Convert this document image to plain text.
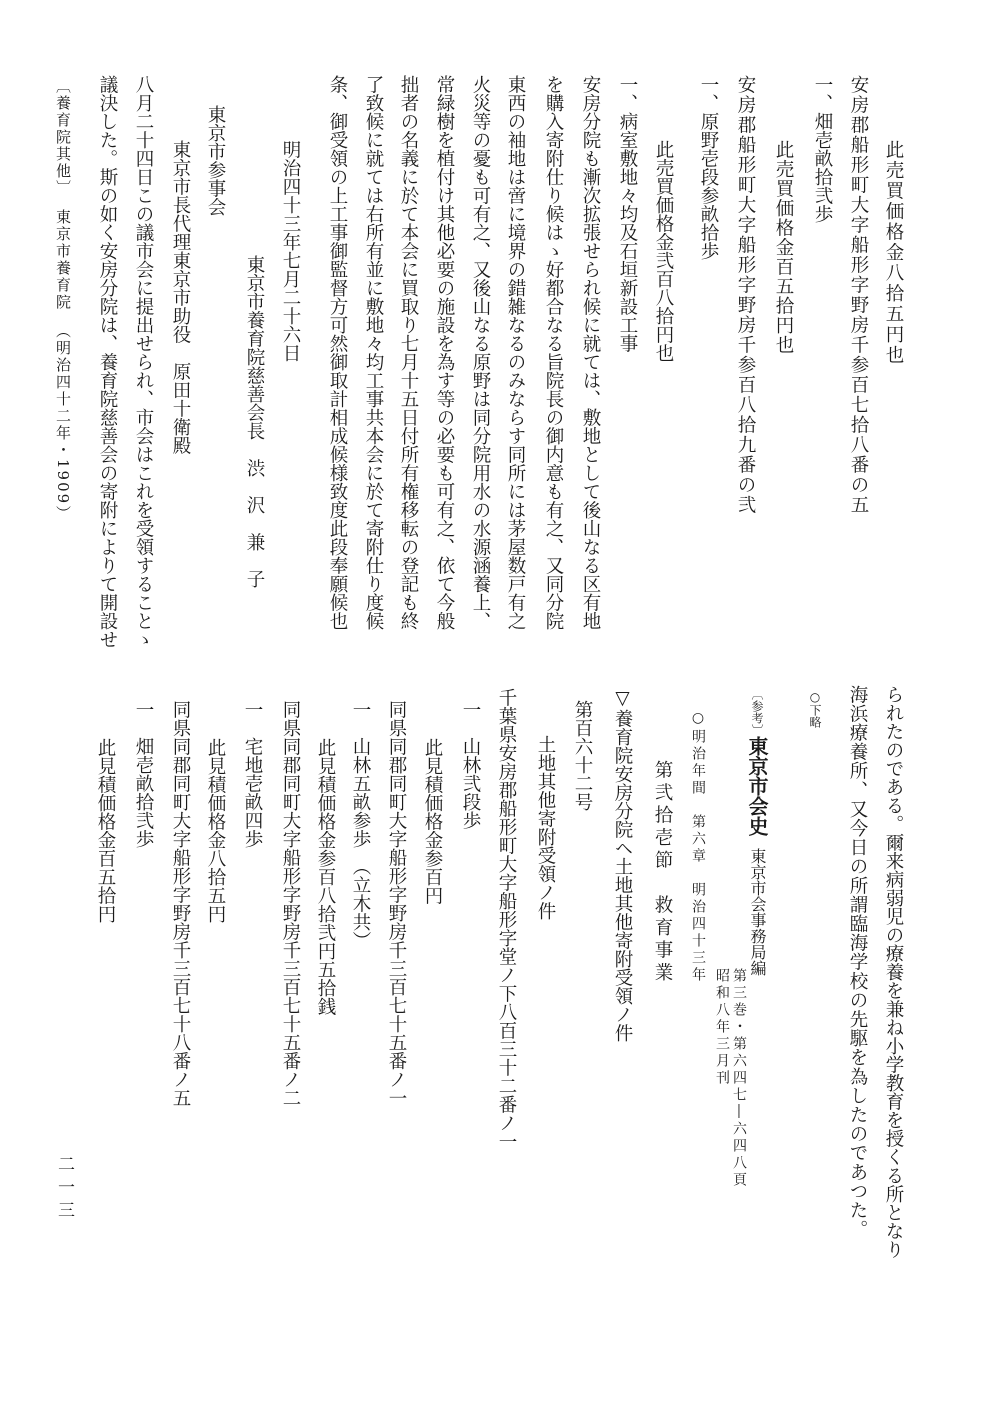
此売買価格金八拾五円也
安房郡船形町大字船形字野房千参百七拾八番の五
一、畑壱畝拾弐歩
此売買価格金百五拾円也
安房郡船形町大字船形字野房千参百八拾九番の弐
一、原野壱段参畝拾歩
此売買価格金弐百八拾円也
一、病室敷地々均及石垣新設工事
安房分院も漸次拡張せられ候に就ては、敷地として後山なる区有地
を購入寄附仕り候はゝ好都合なる旨院長の御内意も有之、又同分院
東西の袖地は啻に境界の錯雑なるのみならす同所には茅屋数戸有之
火災等の憂も可有之、又後山なる原野は同分院用水の水源涵養上、
常緑樹を植付け其他必要の施設を為す等の必要も可有之、依て今般
拙者の名義に於て本会に買取り七月十五日付所有権移転の登記も終
了致候に就ては右所有並に敷地々均工事共本会に於て寄附仕り度候
条、御受領の上工事御監督方可然御取計相成候様致度此段奉願候也
明治四十三年七月二十六日
東京市養育院慈善会長　渋　沢　兼　子
東京市参事会
東京市長代理東京市助役　原田十衛殿
八月二十四日この議市会に提出せられ、市会はこれを受領することゝ
議決した。斯の如く安房分院は、養育院慈善会の寄附によりて開設せ
〔養育院其他〕東京市養育院（明治四十二年・1909）
られたのである。爾来病弱児の療養を兼ね小学教育を授くる所となり
海浜療養所、又今日の所謂臨海学校の先駆を為したのであつた。
○下略
〔参考〕東京市会史東京市会事務局編
第三巻・第六四七―六四八頁
昭和八年三月刊
○明治年間　第六章　明治四十三年
第弐拾壱節　救育事業
▽養育院安房分院ヘ土地其他寄附受領ノ件
第百六十二号
土地其他寄附受領ノ件
千葉県安房郡船形町大字船形字堂ノ下八百三十二番ノ一
一　山林弐段歩
此見積価格金参百円
同県同郡同町大字船形字野房千三百七十五番ノ一
一　山林五畝参歩　（立木共）
此見積価格金参百八拾弐円五拾銭
同県同郡同町大字船形字野房千三百七十五番ノ二
一　宅地壱畝四歩
此見積価格金八拾五円
同県同郡同町大字船形字野房千三百七十八番ノ五
一　畑壱畝拾弐歩
此見積価格金百五拾円
二一三
